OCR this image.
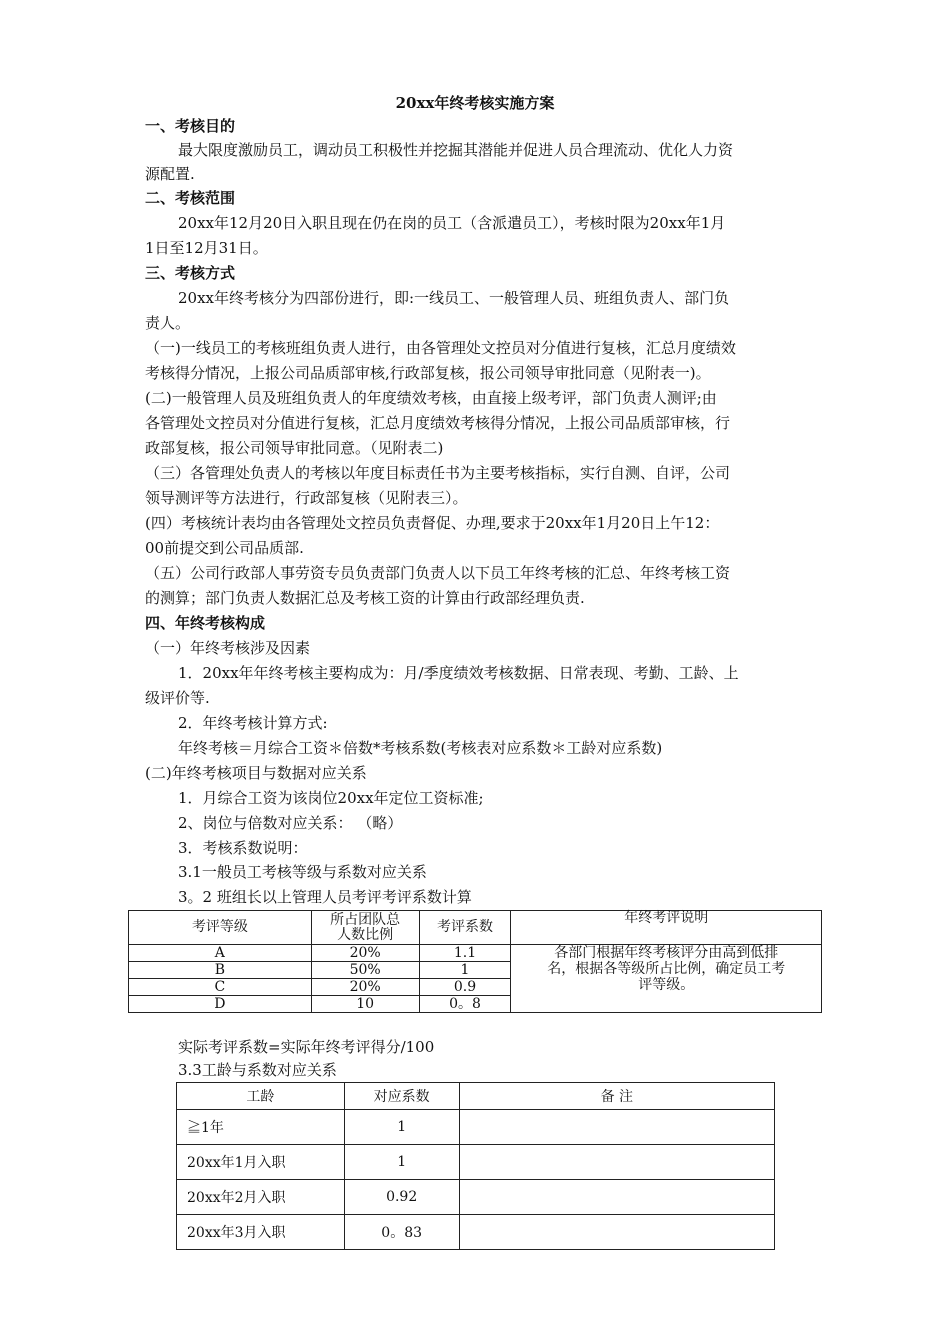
20xx年终考核实施方案
一、考核目的
最大限度激励员工，调动员工积极性并挖掘其潜能并促进人员合理流动、优化人力资
源配置.
二、考核范围
20xx年12月20日入职且现在仍在岗的员工（含派遣员工），考核时限为20xx年1月
1日至12月31日。
三、考核方式
20xx年终考核分为四部份进行，即:一线员工、一般管理人员、班组负责人、部门负
责人。
（一)一线员工的考核班组负责人进行，由各管理处文控员对分值进行复核，汇总月度绩效
考核得分情况，上报公司品质部审核,行政部复核，报公司领导审批同意（见附表一)。
(二)一般管理人员及班组负责人的年度绩效考核，由直接上级考评，部门负责人测评;由
各管理处文控员对分值进行复核，汇总月度绩效考核得分情况，上报公司品质部审核，行
政部复核，报公司领导审批同意。（见附表二)
（三）各管理处负责人的考核以年度目标责任书为主要考核指标，实行自测、自评，公司
领导测评等方法进行，行政部复核（见附表三）。
(四）考核统计表均由各管理处文控员负责督促、办理,要求于20xx年1月20日上午12：
00前提交到公司品质部.
（五）公司行政部人事劳资专员负责部门负责人以下员工年终考核的汇总、年终考核工资
的测算；部门负责人数据汇总及考核工资的计算由行政部经理负责.
四、年终考核构成
（一）年终考核涉及因素
1．20xx年年终考核主要构成为：月/季度绩效考核数据、日常表现、考勤、工龄、上
级评价等.
2．年终考核计算方式:
年终考核＝月综合工资＊倍数*考核系数(考核表对应系数＊工龄对应系数)
(二)年终考核项目与数据对应关系
1．月综合工资为该岗位20xx年定位工资标准;
2、岗位与倍数对应关系： （略）
3．考核系数说明：
3.1一般员工考核等级与系数对应关系
3。2 班组长以上管理人员考评考评系数计算
考评等级	所占团队总
人数比例	考评系数	年终考评说明
A	20%	1.1	各部门根据年终考核评分由高到低排
名，根据各等级所占比例，确定员工考
评等级。

B	50%	1	
C	20%	0.9	
D	10	0。8	
实际考评系数=实际年终考评得分/100
3.3工龄与系数对应关系
工龄	对应系数	备 注
≧1年	1	
20xx年1月入职	1	
20xx年2月入职	0.92	
20xx年3月入职	0。83	
